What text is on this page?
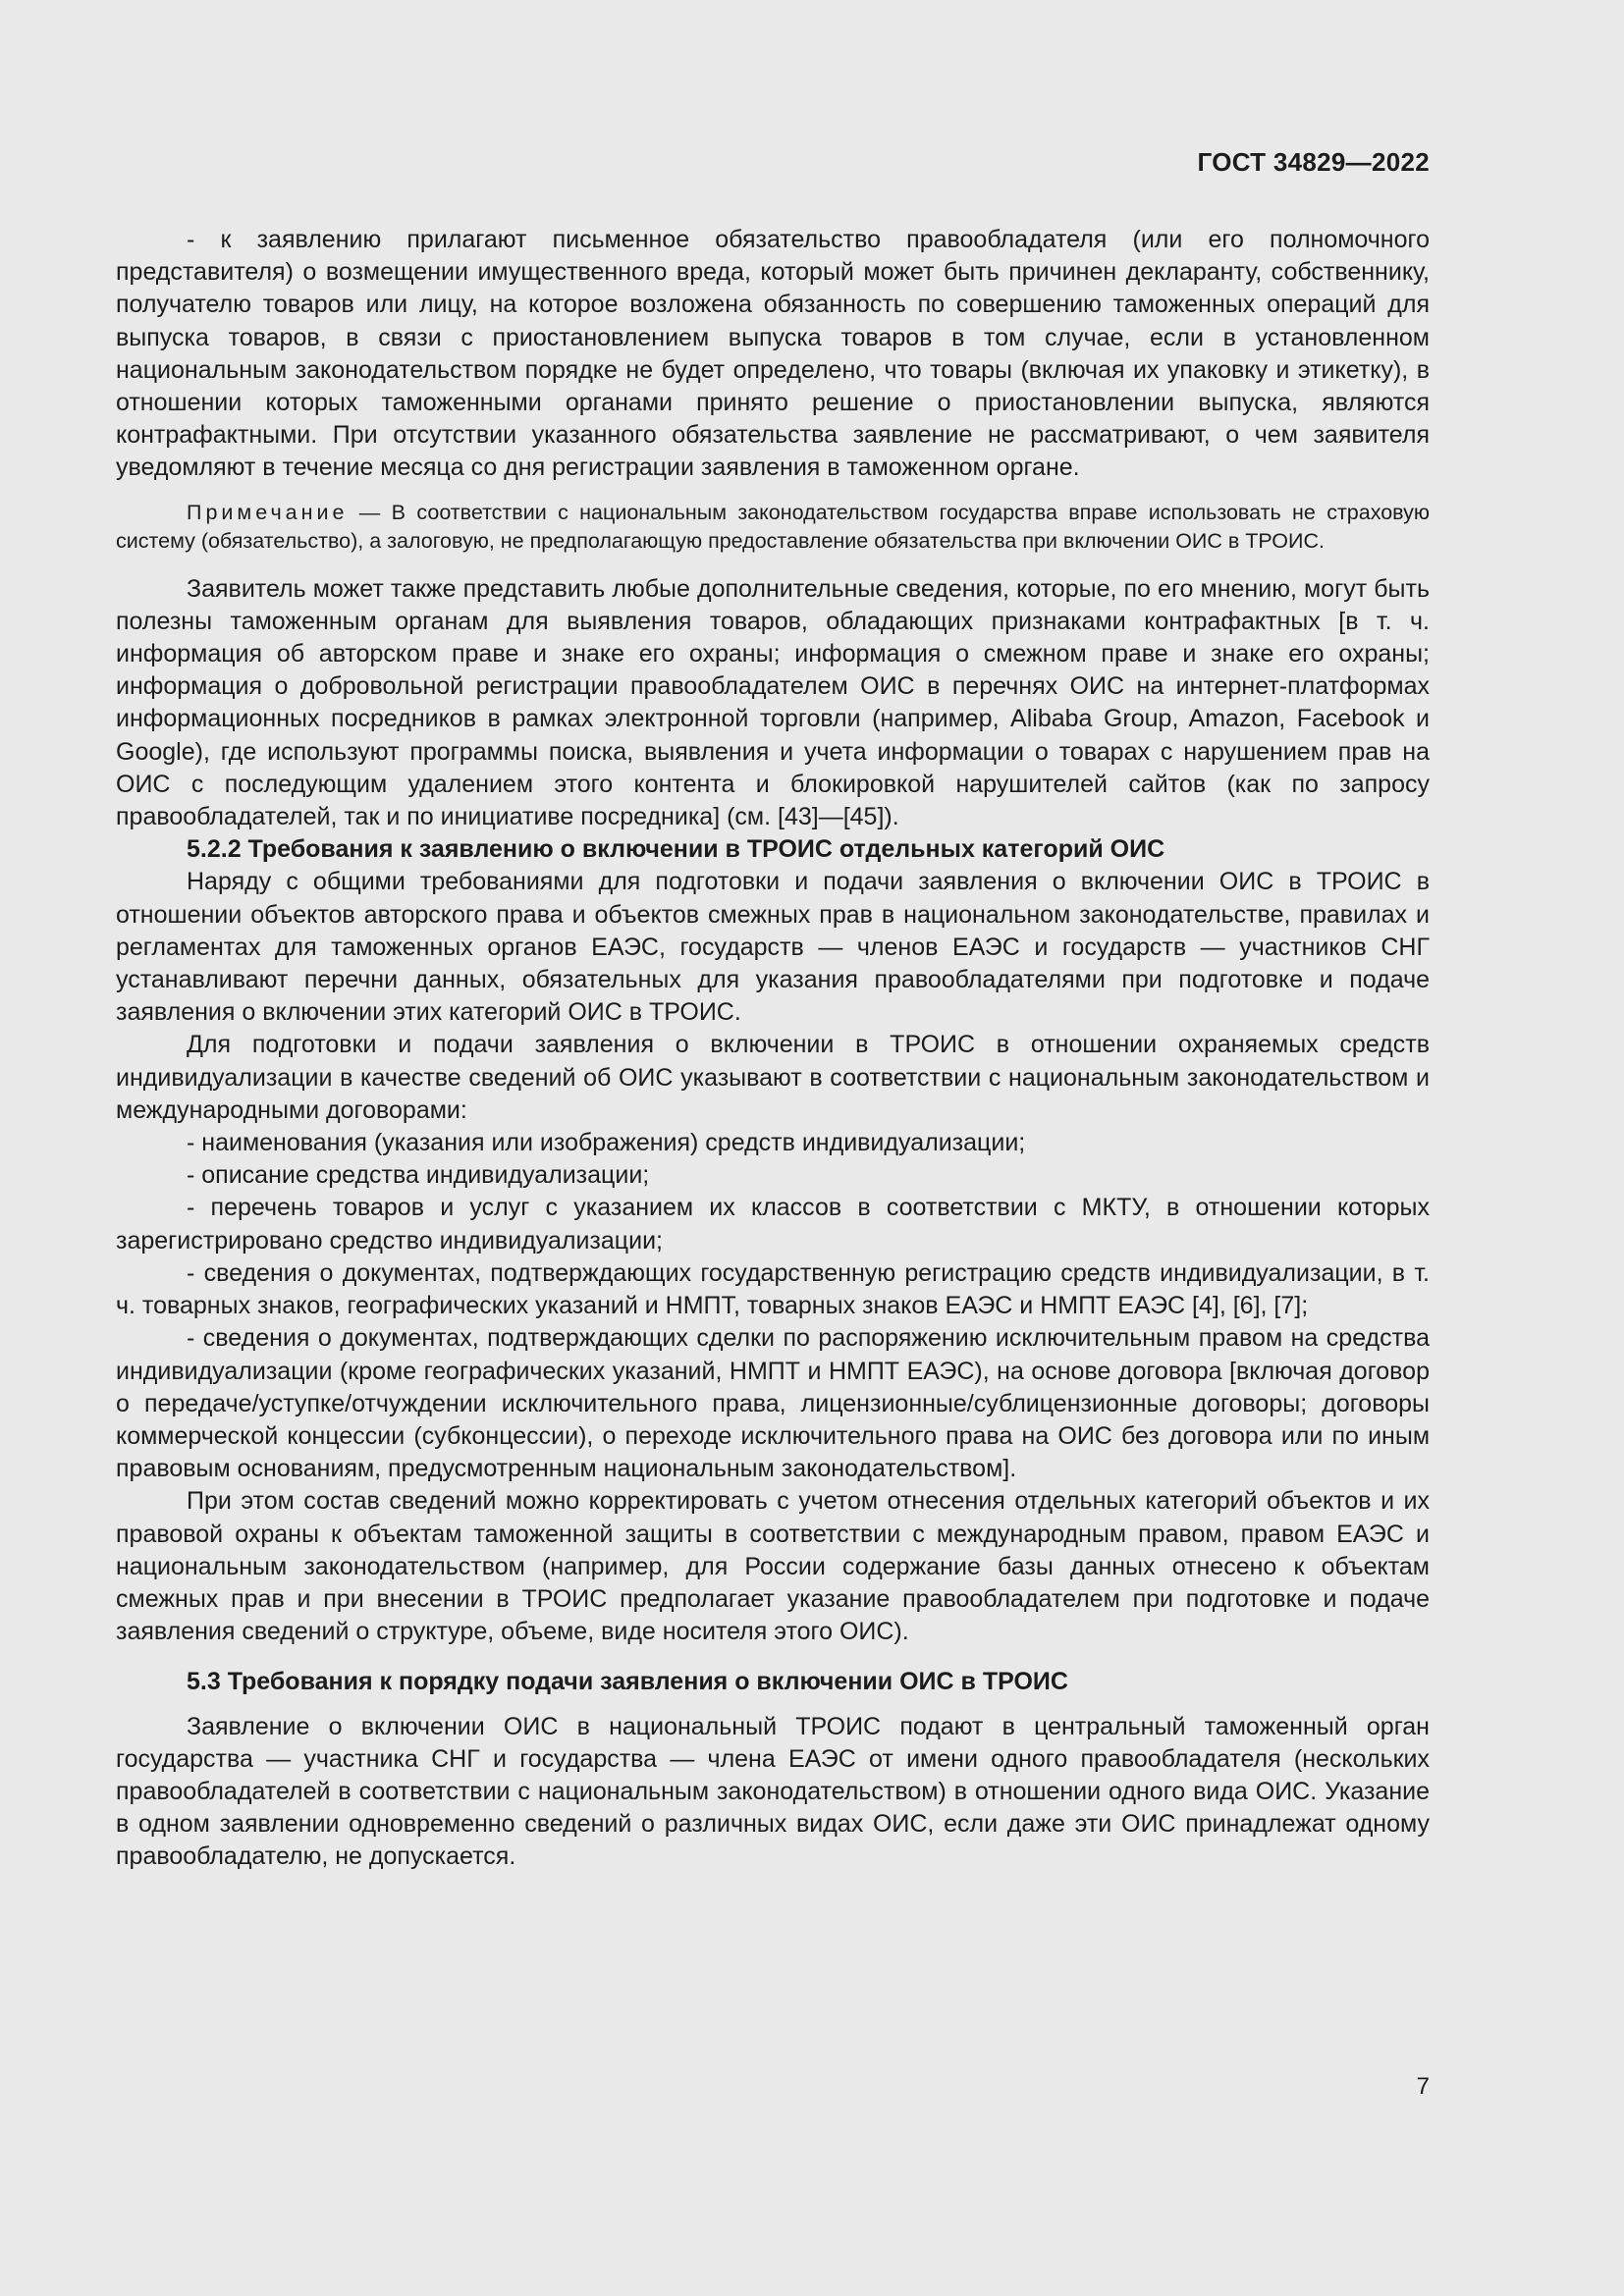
ГОСТ 34829—2022

- к заявлению прилагают письменное обязательство правообладателя (или его полномочного представителя) о возмещении имущественного вреда, который может быть причинен декларанту, собственнику, получателю товаров или лицу, на которое возложена обязанность по совершению таможенных операций для выпуска товаров, в связи с приостановлением выпуска товаров в том случае, если в установленном национальным законодательством порядке не будет определено, что товары (включая их упаковку и этикетку), в отношении которых таможенными органами принято решение о приостановлении выпуска, являются контрафактными. При отсутствии указанного обязательства заявление не рассматривают, о чем заявителя уведомляют в течение месяца со дня регистрации заявления в таможенном органе.

Примечание — В соответствии с национальным законодательством государства вправе использовать не страховую систему (обязательство), а залоговую, не предполагающую предоставление обязательства при включении ОИС в ТРОИС.

Заявитель может также представить любые дополнительные сведения, которые, по его мнению, могут быть полезны таможенным органам для выявления товаров, обладающих признаками контрафактных [в т. ч. информация об авторском праве и знаке его охраны; информация о смежном праве и знаке его охраны; информация о добровольной регистрации правообладателем ОИС в перечнях ОИС на интернет-платформах информационных посредников в рамках электронной торговли (например, Alibaba Group, Amazon, Facebook и Google), где используют программы поиска, выявления и учета информации о товарах с нарушением прав на ОИС с последующим удалением этого контента и блокировкой нарушителей сайтов (как по запросу правообладателей, так и по инициативе посредника] (см. [43]—[45]).

5.2.2 Требования к заявлению о включении в ТРОИС отдельных категорий ОИС

Наряду с общими требованиями для подготовки и подачи заявления о включении ОИС в ТРОИС в отношении объектов авторского права и объектов смежных прав в национальном законодательстве, правилах и регламентах для таможенных органов ЕАЭС, государств — членов ЕАЭС и государств — участников СНГ устанавливают перечни данных, обязательных для указания правообладателями при подготовке и подаче заявления о включении этих категорий ОИС в ТРОИС.

Для подготовки и подачи заявления о включении в ТРОИС в отношении охраняемых средств индивидуализации в качестве сведений об ОИС указывают в соответствии с национальным законодательством и международными договорами:

- наименования (указания или изображения) средств индивидуализации;

- описание средства индивидуализации;

- перечень товаров и услуг с указанием их классов в соответствии с МКТУ, в отношении которых зарегистрировано средство индивидуализации;

- сведения о документах, подтверждающих государственную регистрацию средств индивидуализации, в т. ч. товарных знаков, географических указаний и НМПТ, товарных знаков ЕАЭС и НМПТ ЕАЭС [4], [6], [7];

- сведения о документах, подтверждающих сделки по распоряжению исключительным правом на средства индивидуализации (кроме географических указаний, НМПТ и НМПТ ЕАЭС), на основе договора [включая договор о передаче/уступке/отчуждении исключительного права, лицензионные/сублицензионные договоры; договоры коммерческой концессии (субконцессии), о переходе исключительного права на ОИС без договора или по иным правовым основаниям, предусмотренным национальным законодательством].

При этом состав сведений можно корректировать с учетом отнесения отдельных категорий объектов и их правовой охраны к объектам таможенной защиты в соответствии с международным правом, правом ЕАЭС и национальным законодательством (например, для России содержание базы данных отнесено к объектам смежных прав и при внесении в ТРОИС предполагает указание правообладателем при подготовке и подаче заявления сведений о структуре, объеме, виде носителя этого ОИС).

5.3 Требования к порядку подачи заявления о включении ОИС в ТРОИС

Заявление о включении ОИС в национальный ТРОИС подают в центральный таможенный орган государства — участника СНГ и государства — члена ЕАЭС от имени одного правообладателя (нескольких правообладателей в соответствии с национальным законодательством) в отношении одного вида ОИС. Указание в одном заявлении одновременно сведений о различных видах ОИС, если даже эти ОИС принадлежат одному правообладателю, не допускается.

7
